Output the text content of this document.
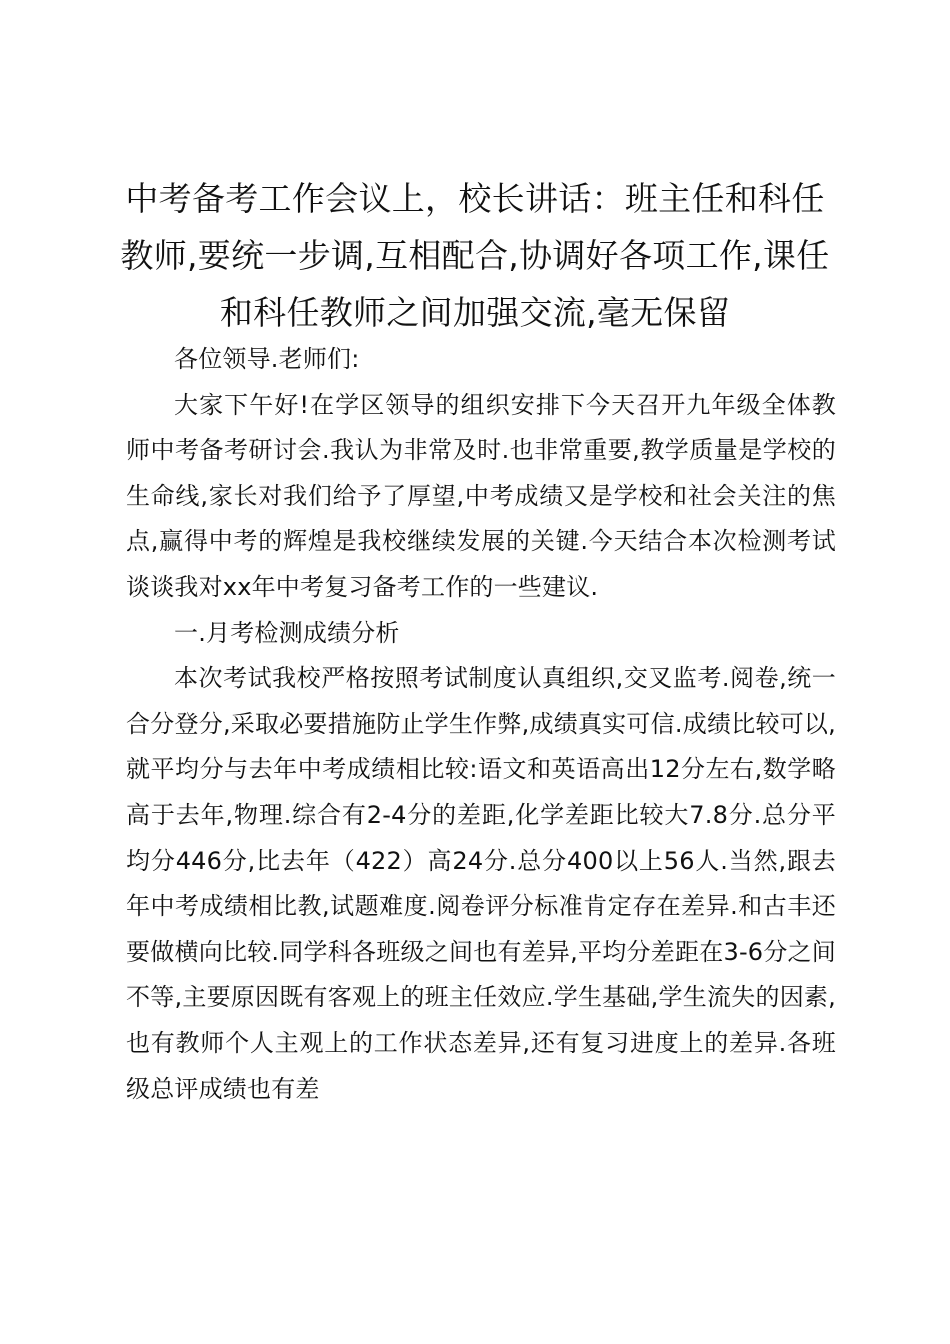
中考备考工作会议上，校长讲话：班主任和科任教师,要统一步调,互相配合,协调好各项工作,课任和科任教师之间加强交流,毫无保留

各位领导.老师们:

大家下午好!在学区领导的组织安排下今天召开九年级全体教师中考备考研讨会.我认为非常及时.也非常重要,教学质量是学校的生命线,家长对我们给予了厚望,中考成绩又是学校和社会关注的焦点,赢得中考的辉煌是我校继续发展的关键.今天结合本次检测考试谈谈我对xx年中考复习备考工作的一些建议.

一.月考检测成绩分析

本次考试我校严格按照考试制度认真组织,交叉监考.阅卷,统一合分登分,采取必要措施防止学生作弊,成绩真实可信.成绩比较可以,就平均分与去年中考成绩相比较:语文和英语高出12分左右,数学略高于去年,物理.综合有2-4分的差距,化学差距比较大7.8分.总分平均分446分,比去年（422）高24分.总分400以上56人.当然,跟去年中考成绩相比教,试题难度.阅卷评分标准肯定存在差异.和古丰还要做横向比较.同学科各班级之间也有差异,平均分差距在3-6分之间不等,主要原因既有客观上的班主任效应.学生基础,学生流失的因素,也有教师个人主观上的工作状态差异,还有复习进度上的差异.各班级总评成绩也有差
